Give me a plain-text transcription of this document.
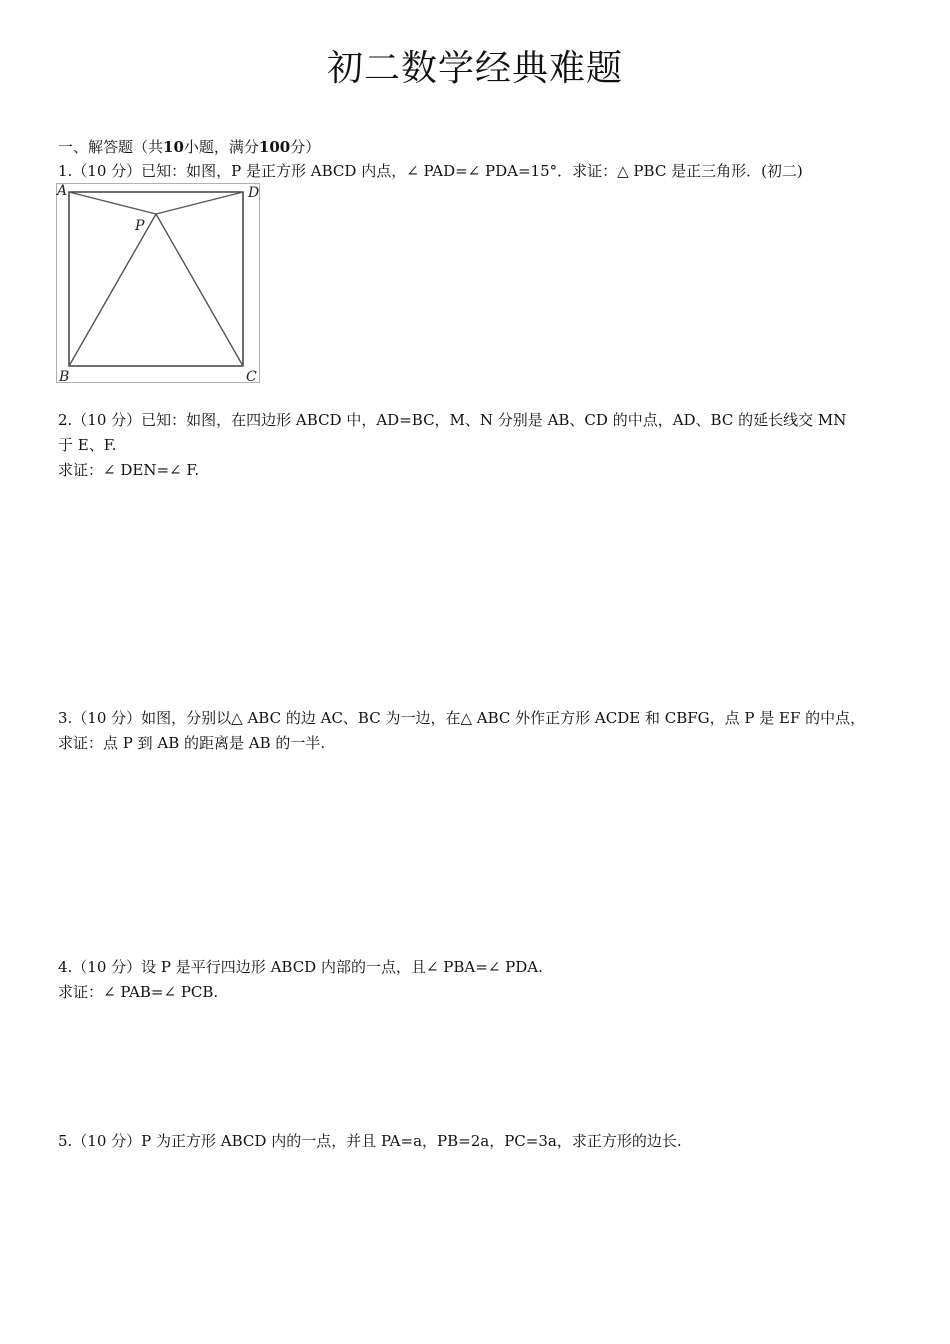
初二数学经典难题
一、解答题（共10小题，满分100分）
1.（10 分）已知：如图，P 是正方形 ABCD 内点，∠ PAD=∠ PDA=15°．求证：△ PBC 是正三角形．(初二)
A	D
P
B	C
2.（10 分）已知：如图，在四边形 ABCD 中，AD=BC，M、N 分别是 AB、CD 的中点，AD、BC 的延长线交 MN
于 E、F.
求证：∠ DEN=∠ F.
3.（10 分）如图，分别以△ ABC 的边 AC、BC 为一边，在△ ABC 外作正方形 ACDE 和 CBFG，点 P 是 EF 的中点，
求证：点 P 到 AB 的距离是 AB 的一半.
4.（10 分）设 P 是平行四边形 ABCD 内部的一点，且∠ PBA=∠ PDA.
求证：∠ PAB=∠ PCB.
5.（10 分）P 为正方形 ABCD 内的一点，并且 PA=a，PB=2a，PC=3a，求正方形的边长.
